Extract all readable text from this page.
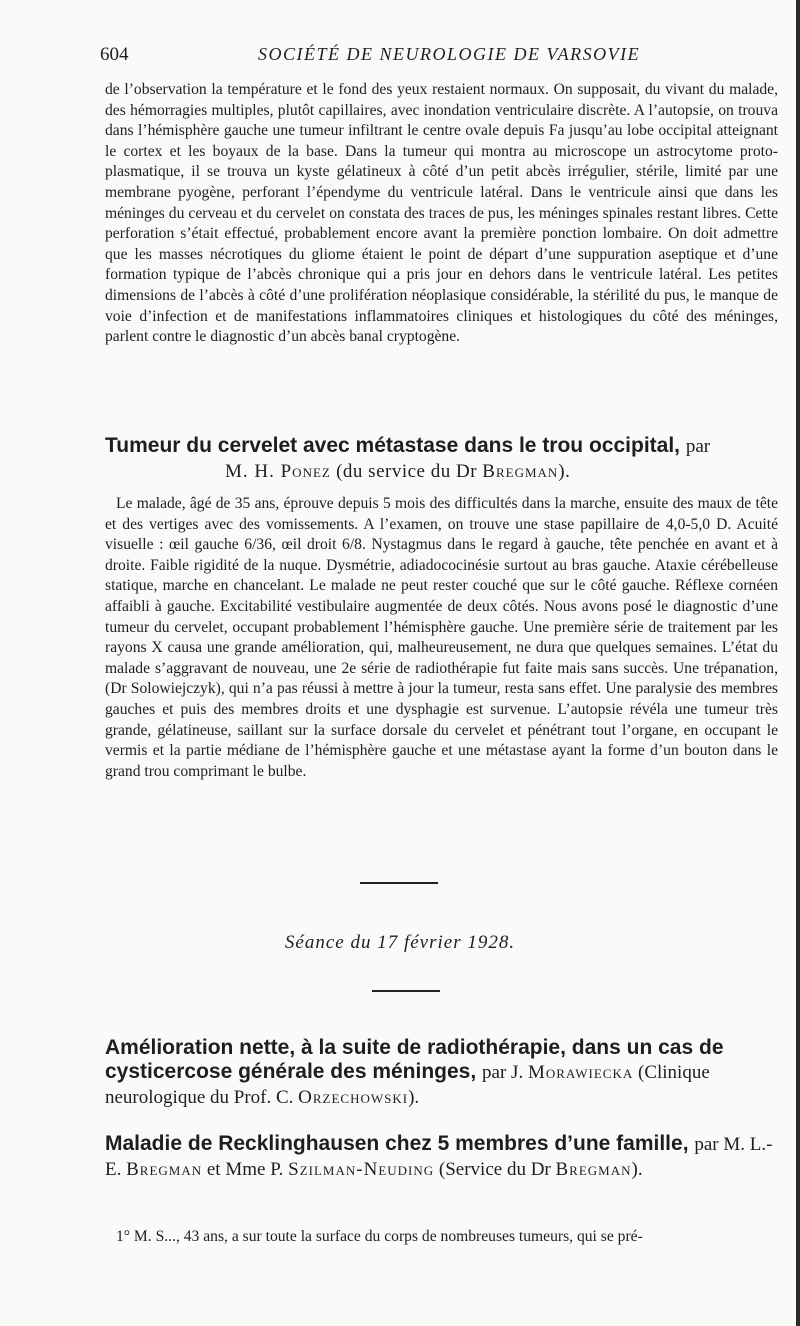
604	SOCIÉTÉ DE NEUROLOGIE DE VARSOVIE

de l’observation la température et le fond des yeux restaient normaux. On supposait, du vivant du malade, des hémorragies multiples, plutôt capillaires, avec inondation ventriculaire discrète. A l’autopsie, on trouva dans l’hémisphère gauche une tumeur infiltrant le centre ovale depuis Fa jusqu’au lobe occipital atteignant le cortex et les boyaux de la base. Dans la tumeur qui montra au microscope un astrocytome proto-plasmatique, il se trouva un kyste gélatineux à côté d’un petit abcès irrégulier, stérile, limité par une membrane pyogène, perforant l’épendyme du ventricule latéral. Dans le ventricule ainsi que dans les méninges du cerveau et du cervelet on constata des traces de pus, les méninges spinales restant libres. Cette perforation s’était effectué, probablement encore avant la première ponction lombaire. On doit admettre que les masses nécrotiques du gliome étaient le point de départ d’une suppuration aseptique et d’une formation typique de l’abcès chronique qui a pris jour en dehors dans le ventricule latéral. Les petites dimensions de l’abcès à côté d’une prolifération néoplasique considérable, la stérilité du pus, le manque de voie d’infection et de manifestations inflammatoires cliniques et histologiques du côté des méninges, parlent contre le diagnostic d’un abcès banal cryptogène.

Tumeur du cervelet avec métastase dans le trou occipital, par
M. H. Ponez (du service du Dr Bregman).

Le malade, âgé de 35 ans, éprouve depuis 5 mois des difficultés dans la marche, ensuite des maux de tête et des vertiges avec des vomissements. A l’examen, on trouve une stase papillaire de 4,0-5,0 D. Acuité visuelle : œil gauche 6/36, œil droit 6/8. Nystagmus dans le regard à gauche, tête penchée en avant et à droite. Faible rigidité de la nuque. Dysmétrie, adiadococinésie surtout au bras gauche. Ataxie cérébelleuse statique, marche en chancelant. Le malade ne peut rester couché que sur le côté gauche. Réflexe cornéen affaibli à gauche. Excitabilité vestibulaire augmentée de deux côtés. Nous avons posé le diagnostic d’une tumeur du cervelet, occupant probablement l’hémisphère gauche. Une première série de traitement par les rayons X causa une grande amélioration, qui, malheureusement, ne dura que quelques semaines. L’état du malade s’aggravant de nouveau, une 2e série de radiothérapie fut faite mais sans succès. Une trépanation, (Dr Solowiejczyk), qui n’a pas réussi à mettre à jour la tumeur, resta sans effet. Une paralysie des membres gauches et puis des membres droits et une dysphagie est survenue. L’autopsie révéla une tumeur très grande, gélatineuse, saillant sur la surface dorsale du cervelet et pénétrant tout l’organe, en occupant le vermis et la partie médiane de l’hémisphère gauche et une métastase ayant la forme d’un bouton dans le grand trou comprimant le bulbe.

Séance du 17 février 1928.
Amélioration nette, à la suite de radiothérapie, dans un cas de cysticercose générale des méninges, par J. Morawiecka (Clinique neurologique du Prof. C. Orzechowski).
Maladie de Recklinghausen chez 5 membres d’une famille, par M. L.-E. Bregman et Mme P. Szilman-Neuding (Service du Dr Bregman).

1° M. S..., 43 ans, a sur toute la surface du corps de nombreuses tumeurs, qui se pré-
